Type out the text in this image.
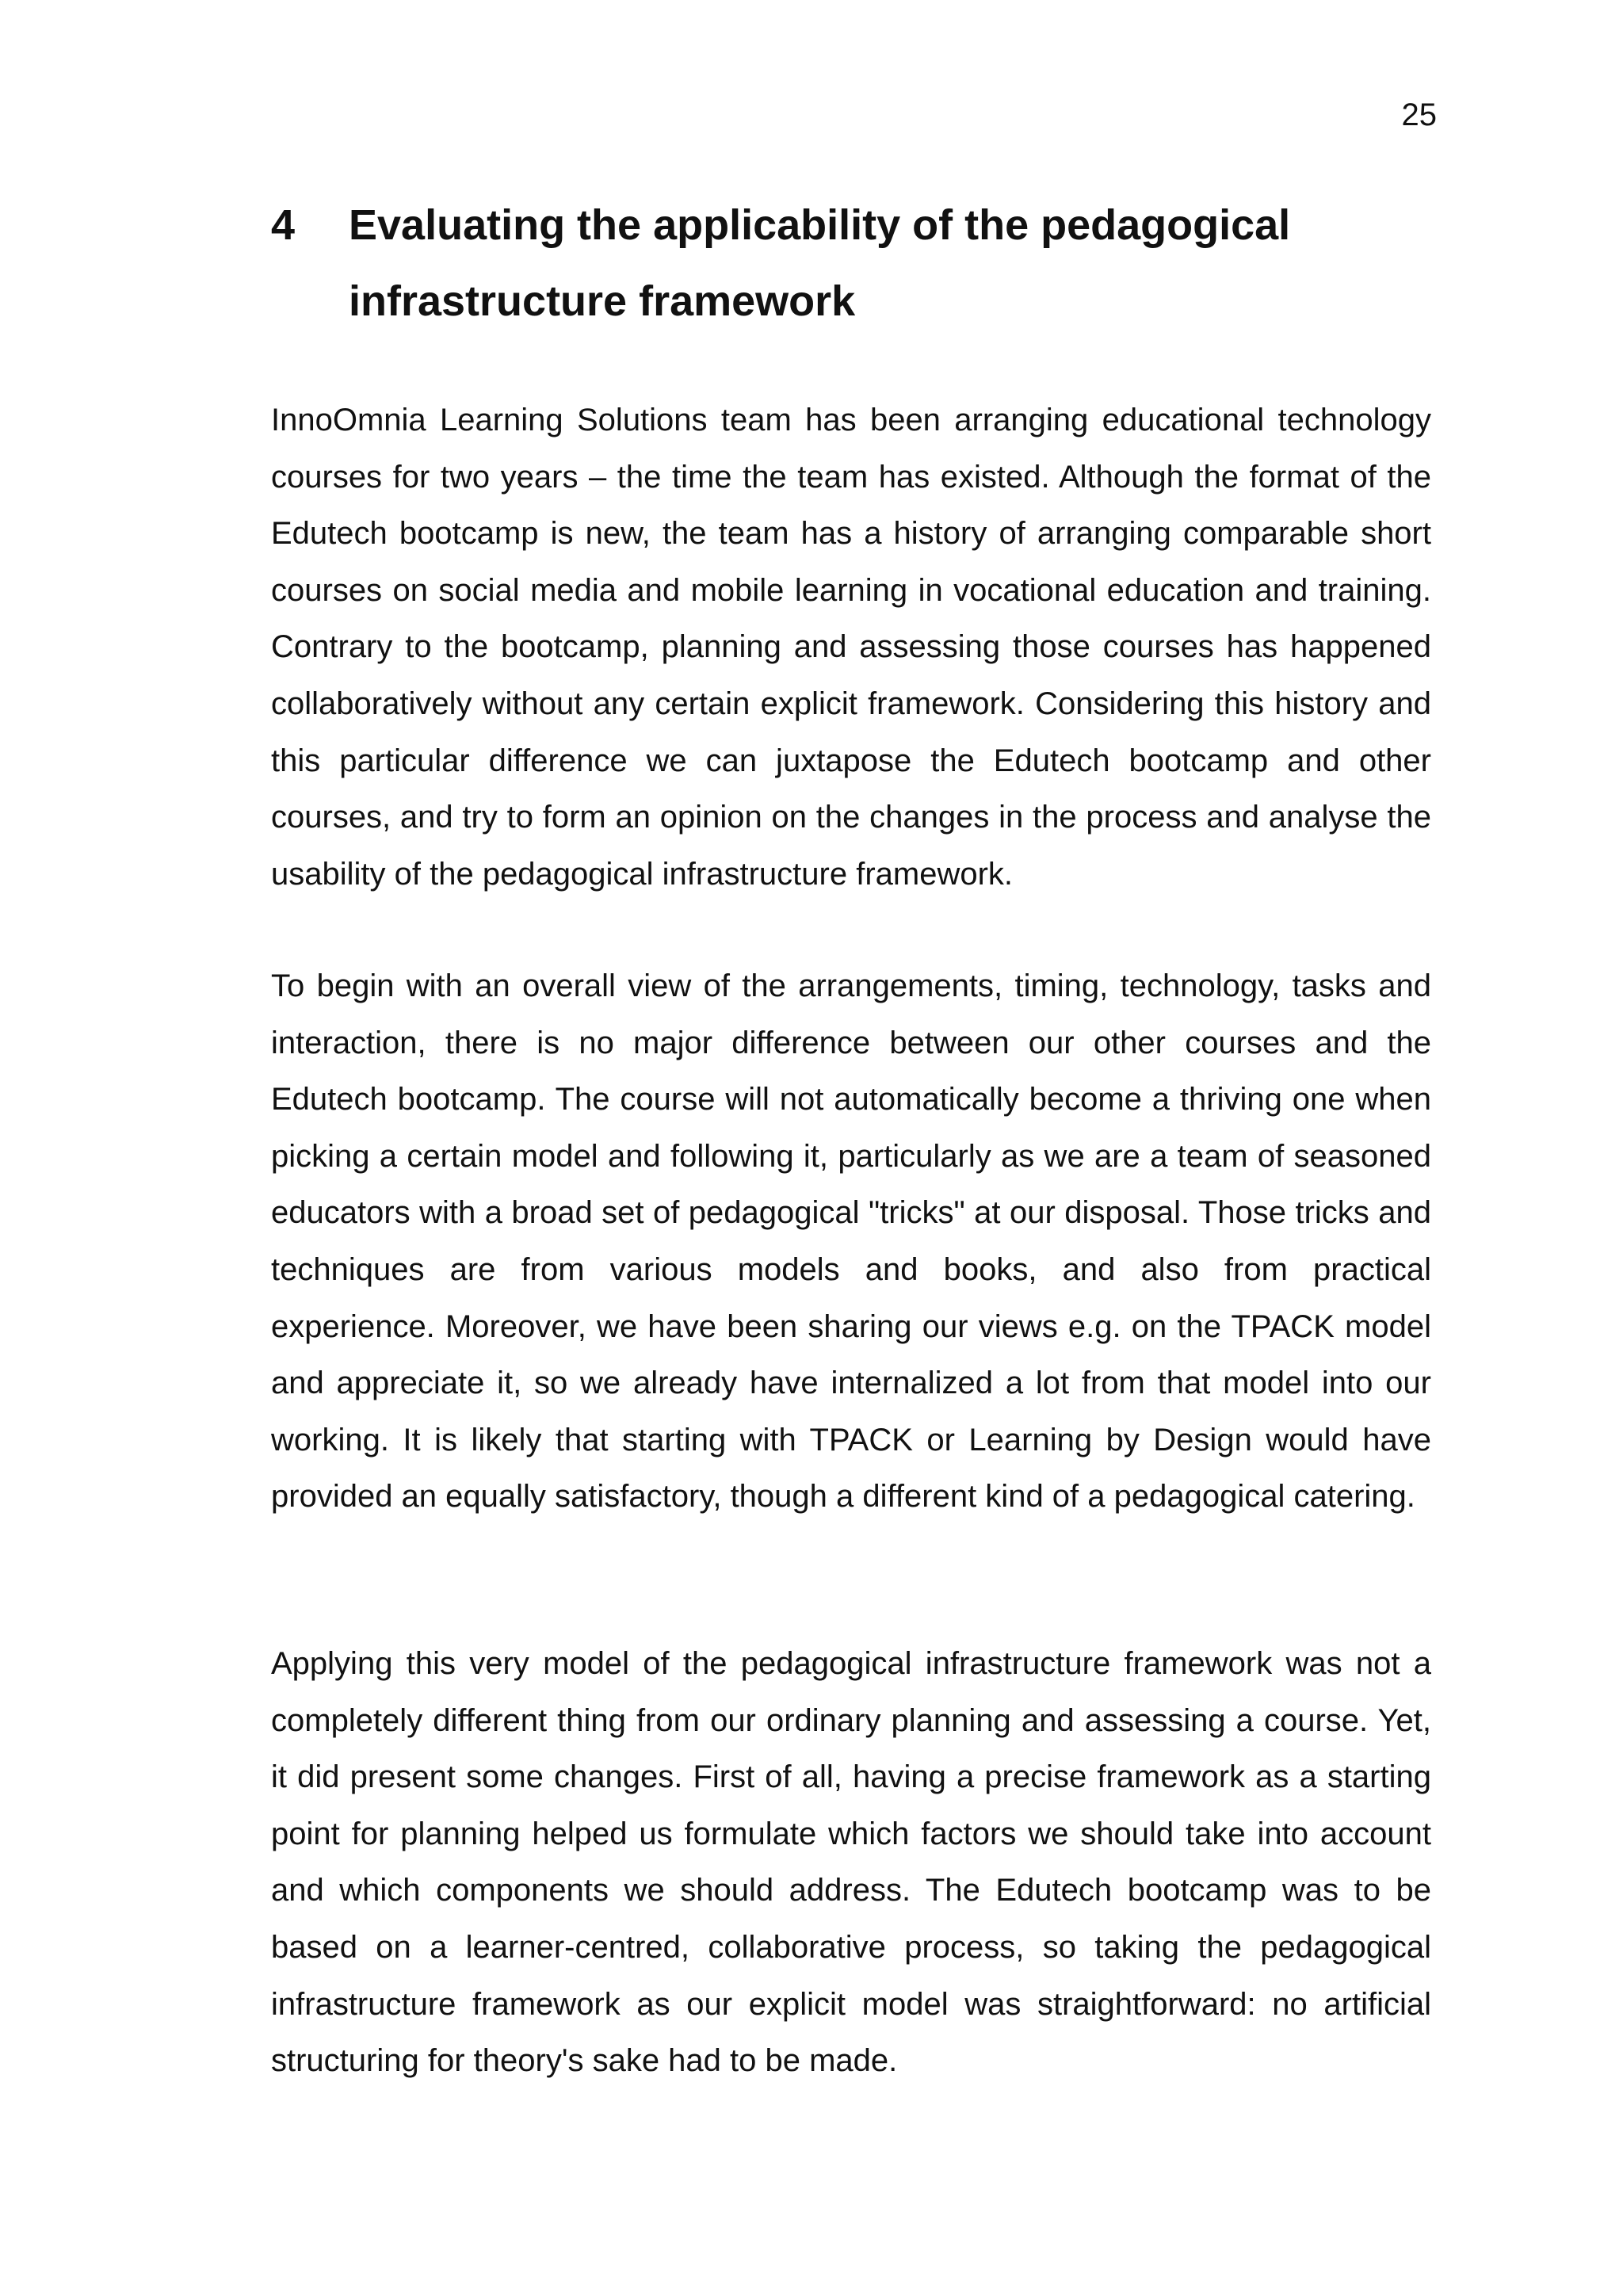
25

4	Evaluating the applicability of the pedagogical infrastructure framework

InnoOmnia Learning Solutions team has been arranging educational technology courses for two years – the time the team has existed. Although the format of the Edutech bootcamp is new, the team has a history of arranging comparable short courses on social media and mobile learning in vocational education and training. Contrary to the bootcamp, planning and assessing those courses has happened collaboratively without any certain explicit framework. Considering this history and this particular difference we can juxtapose the Edutech bootcamp and other courses, and try to form an opinion on the changes in the process and analyse the usability of the pedagogical infrastructure framework.

To begin with an overall view of the arrangements, timing, technology, tasks and interaction, there is no major difference between our other courses and the Edutech bootcamp. The course will not automatically become a thriving one when picking a certain model and following it, particularly as we are a team of seasoned educators with a broad set of pedagogical "tricks" at our disposal. Those tricks and techniques are from various models and books, and also from practical experience. Moreover, we have been sharing our views e.g. on the TPACK model and appreciate it, so we already have internalized a lot from that model into our working. It is likely that starting with TPACK or Learning by Design would have provided an equally satisfactory, though a different kind of a pedagogical catering.

Applying this very model of the pedagogical infrastructure framework was not a completely different thing from our ordinary planning and assessing a course. Yet, it did present some changes. First of all, having a precise framework as a starting point for planning helped us formulate which factors we should take into account and which components we should address. The Edutech bootcamp was to be based on a learner-centred, collaborative process, so taking the pedagogical infrastructure framework as our explicit model was straightforward: no artificial structuring for theory's sake had to be made.
